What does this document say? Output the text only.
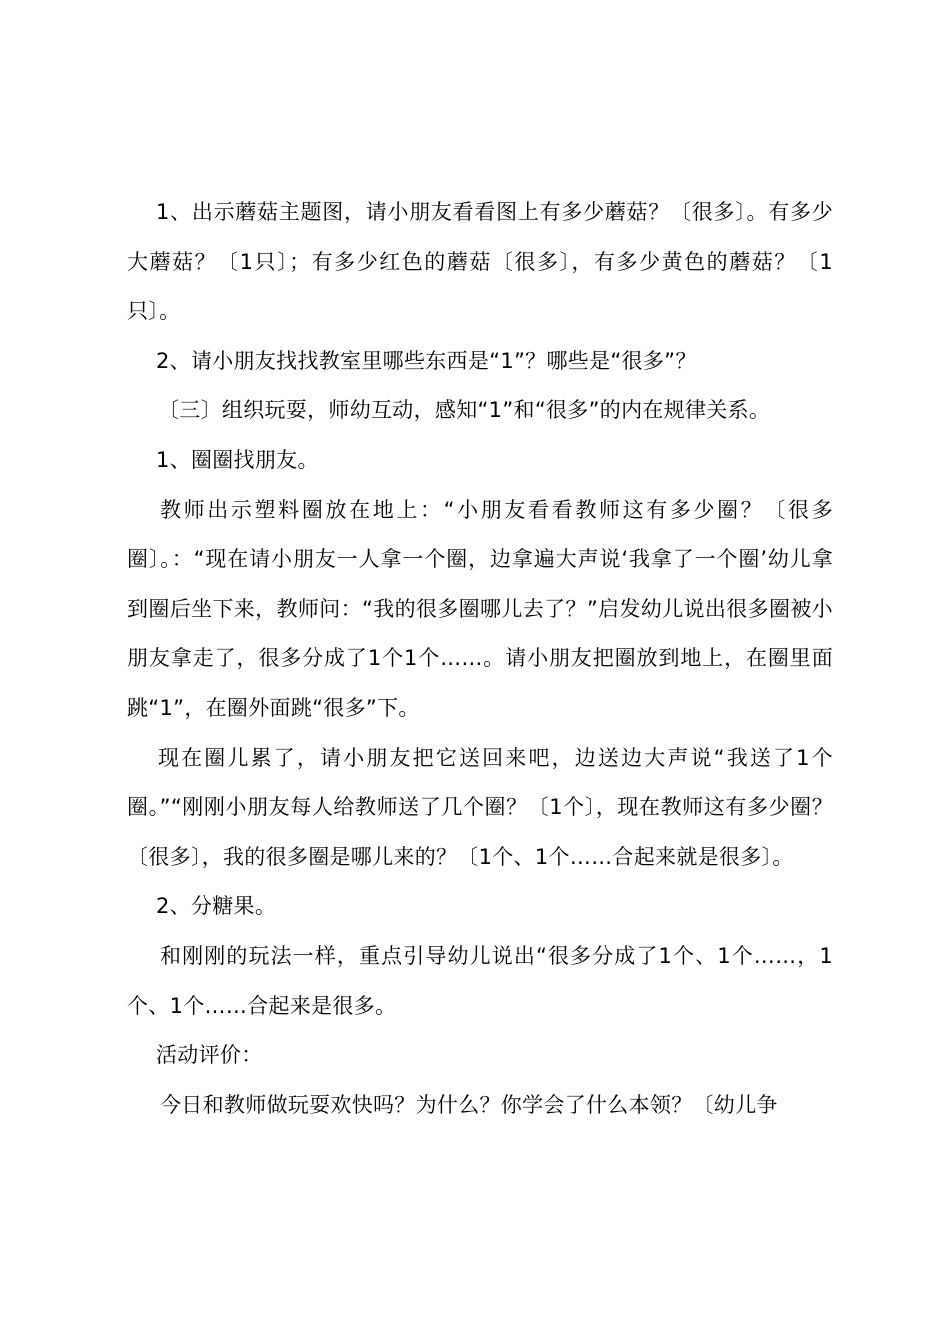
1、出示蘑菇主题图，请小朋友看看图上有多少蘑菇？〔很多〕。有多少大蘑菇？〔1只〕；有多少红色的蘑菇〔很多〕，有多少黄色的蘑菇？〔1只〕。

2、请小朋友找找教室里哪些东西是“1”？哪些是“很多”？

〔三〕组织玩耍，师幼互动，感知“1”和“很多”的内在规律关系。

1、圈圈找朋友。

教师出示塑料圈放在地上：“小朋友看看教师这有多少圈？〔很多圈〕。：“现在请小朋友一人拿一个圈，边拿遍大声说‘我拿了一个圈’幼儿拿到圈后坐下来，教师问：“我的很多圈哪儿去了？”启发幼儿说出很多圈被小朋友拿走了，很多分成了1个1个……。请小朋友把圈放到地上，在圈里面跳“1”，在圈外面跳“很多”下。

现在圈儿累了，请小朋友把它送回来吧，边送边大声说“我送了1个圈。”“刚刚小朋友每人给教师送了几个圈？〔1个〕，现在教师这有多少圈？〔很多〕，我的很多圈是哪儿来的？〔1个、1个……合起来就是很多〕。

2、分糖果。

和刚刚的玩法一样，重点引导幼儿说出“很多分成了1个、1个……，1个、1个……合起来是很多。

活动评价：

今日和教师做玩耍欢快吗？为什么？你学会了什么本领？〔幼儿争
